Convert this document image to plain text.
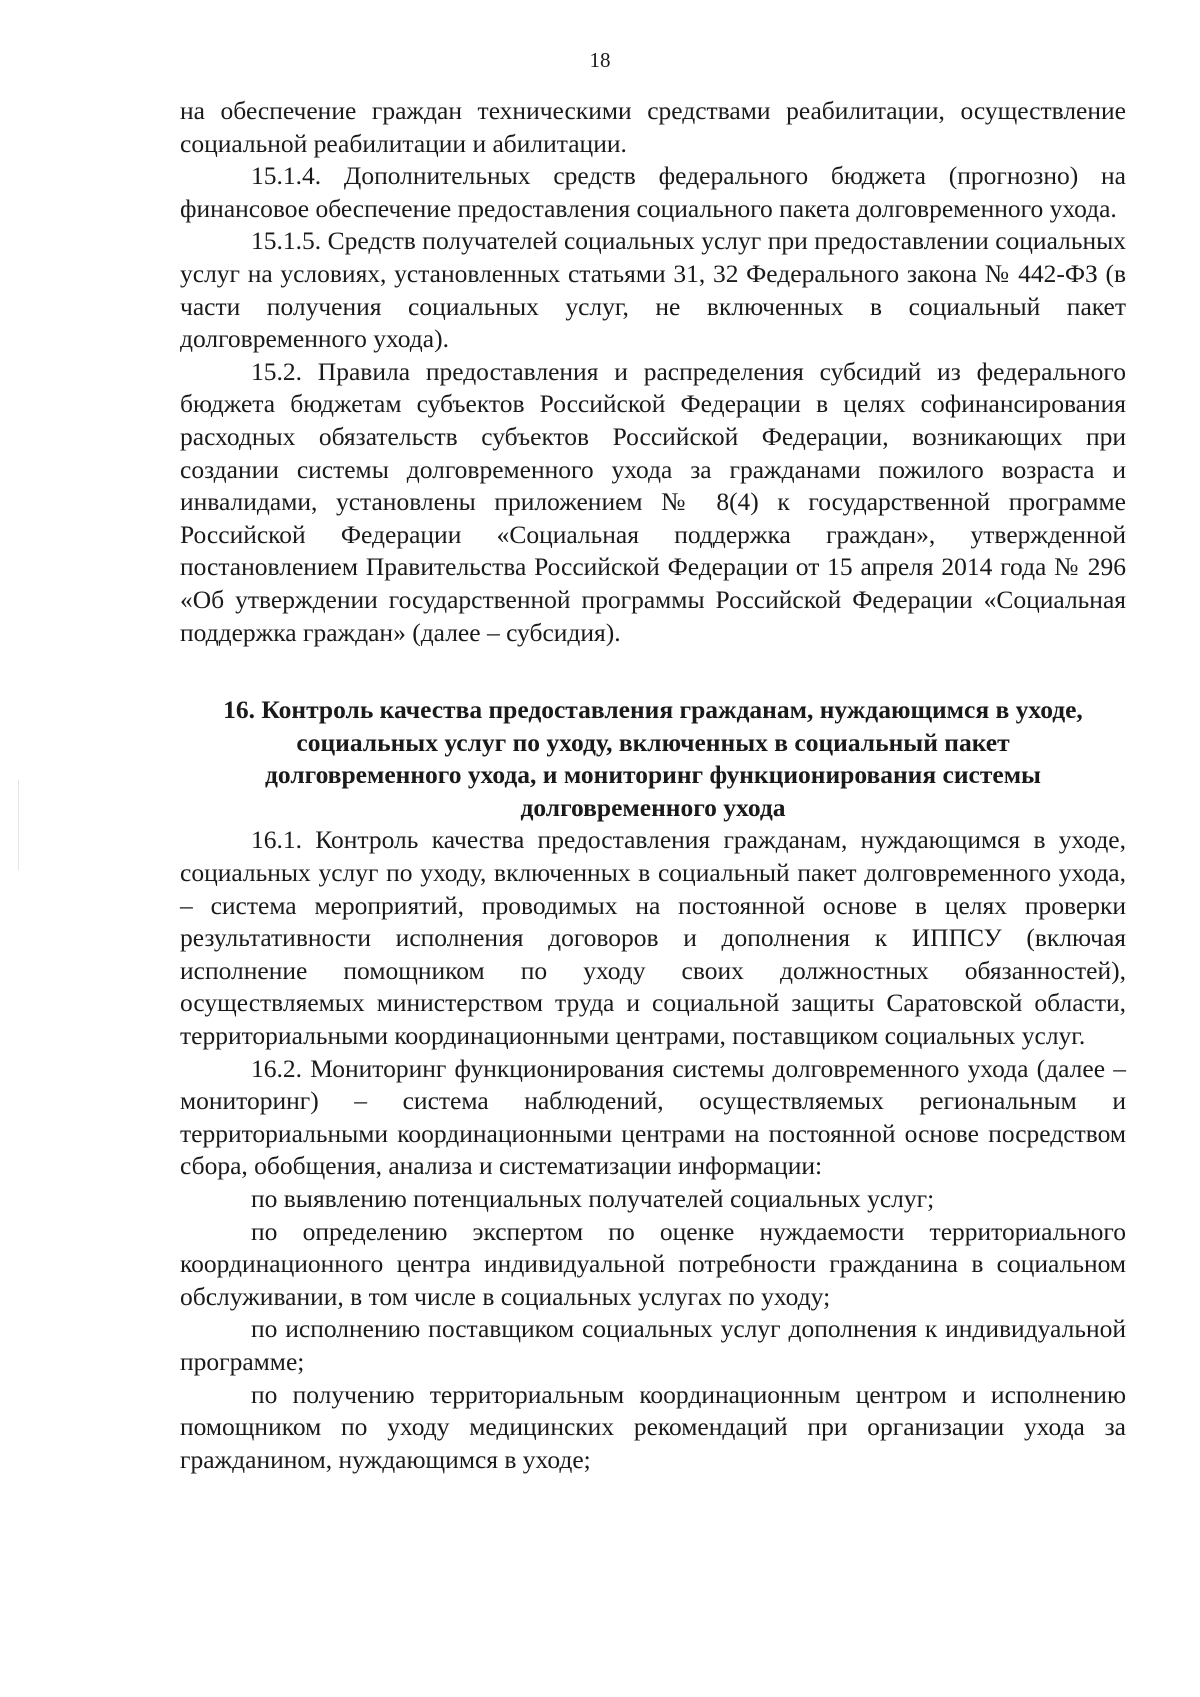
18

на обеспечение граждан техническими средствами реабилитации, осуществление социальной реабилитации и абилитации.

15.1.4. Дополнительных средств федерального бюджета (прогнозно) на финансовое обеспечение предоставления социального пакета долговременного ухода.

15.1.5. Средств получателей социальных услуг при предоставлении социальных услуг на условиях, установленных статьями 31, 32 Федерального закона № 442-ФЗ (в части получения социальных услуг, не включенных в социальный пакет долговременного ухода).

15.2. Правила предоставления и распределения субсидий из федерального бюджета бюджетам субъектов Российской Федерации в целях софинансирования расходных обязательств субъектов Российской Федерации, возникающих при создании системы долговременного ухода за гражданами пожилого возраста и инвалидами, установлены приложением № 8(4) к государственной программе Российской Федерации «Социальная поддержка граждан», утвержденной постановлением Правительства Российской Федерации от 15 апреля 2014 года № 296 «Об утверждении государственной программы Российской Федерации «Социальная поддержка граждан» (далее – субсидия).

16. Контроль качества предоставления гражданам, нуждающимся в уходе, социальных услуг по уходу, включенных в социальный пакет долговременного ухода, и мониторинг функционирования системы долговременного ухода

16.1. Контроль качества предоставления гражданам, нуждающимся в уходе, социальных услуг по уходу, включенных в социальный пакет долговременного ухода, – система мероприятий, проводимых на постоянной основе в целях проверки результативности исполнения договоров и дополнения к ИППСУ (включая исполнение помощником по уходу своих должностных обязанностей), осуществляемых министерством труда и социальной защиты Саратовской области, территориальными координационными центрами, поставщиком социальных услуг.

16.2. Мониторинг функционирования системы долговременного ухода (далее – мониторинг) – система наблюдений, осуществляемых региональным и территориальными координационными центрами на постоянной основе посредством сбора, обобщения, анализа и систематизации информации:

по выявлению потенциальных получателей социальных услуг;

по определению экспертом по оценке нуждаемости территориального координационного центра индивидуальной потребности гражданина в социальном обслуживании, в том числе в социальных услугах по уходу;

по исполнению поставщиком социальных услуг дополнения к индивидуальной программе;

по получению территориальным координационным центром и исполнению помощником по уходу медицинских рекомендаций при организации ухода за гражданином, нуждающимся в уходе;
